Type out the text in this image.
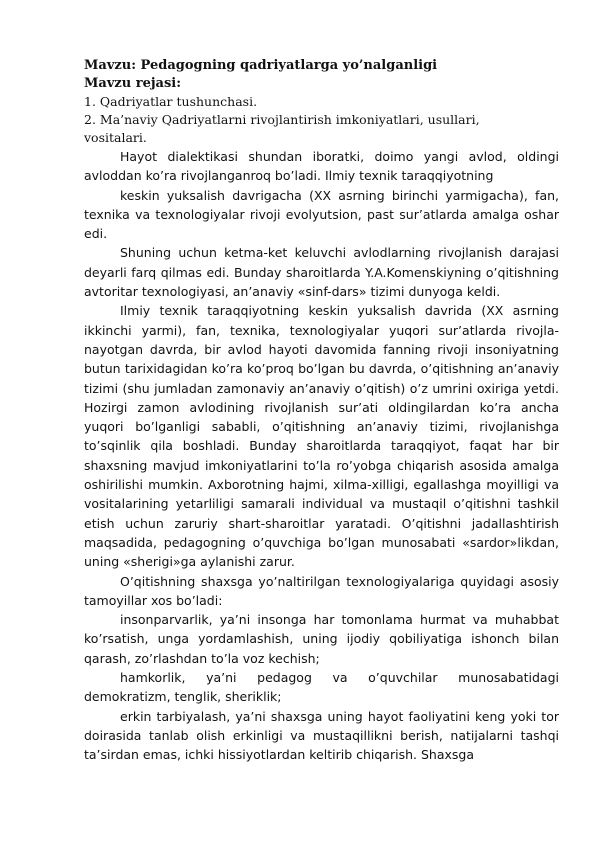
Mavzu: Pedagogning qadriyatlarga yo’nalganligi

Mavzu rejasi:

1. Qadriyatlar tushunchasi.

2. Ma’naviy Qadriyatlarni rivojlantirish imkoniyatlari, usullari,

vositalari.

Hayot dialektikasi shundan iboratki, doimo yangi avlod, oldingi avloddan ko’ra rivojlanganroq bo’ladi. Ilmiy texnik taraqqiyotning

keskin yuksalish davrigacha (XX asrning birinchi yarmigacha), fan, texnika va texnologiyalar rivoji evolyutsion, past sur’atlarda amalga oshar edi.

Shuning uchun ketma-ket keluvchi avlodlarning rivojlanish darajasi deyarli farq qilmas edi. Bunday sharoitlarda Y.A.Komenskiyning o’qitishning avtoritar texnologiyasi, an’anaviy «sinf-dars» tizimi dunyoga keldi.

Ilmiy texnik taraqqiyotning keskin yuksalish davrida (XX asrning ikkinchi yarmi), fan, texnika, texnologiyalar yuqori sur’atlarda rivojla-nayotgan davrda, bir avlod hayoti davomida fanning rivoji insoniyatning butun tarixidagidan ko’ra ko’proq bo’lgan bu davrda, o’qitishning an’anaviy tizimi (shu jumladan zamonaviy an’anaviy o’qitish) o’z umrini oxiriga yetdi. Hozirgi zamon avlodining rivojlanish sur’ati oldingilardan ko’ra ancha yuqori bo’lganligi sababli, o’qitishning an’anaviy tizimi, rivojlanishga to’sqinlik qila boshladi. Bunday sharoitlarda taraqqiyot, faqat har bir shaxsning mavjud imkoniyatlarini to’la ro’yobga chiqarish asosida amalga oshirilishi mumkin. Axborotning hajmi, xilma-xilligi, egallashga moyilligi va vositalarining yetarliligi samarali individual va mustaqil o’qitishni tashkil etish uchun zaruriy shart-sharoitlar yaratadi. O’qitishni jadallashtirish maqsadida, pedagogning o’quvchiga bo’lgan munosabati «sardor»likdan, uning «sherigi»ga aylanishi zarur.

O’qitishning shaxsga yo’naltirilgan texnologiyalariga quyidagi asosiy tamoyillar xos bo’ladi:

insonparvarlik, ya’ni insonga har tomonlama hurmat va muhabbat ko’rsatish, unga yordamlashish, uning ijodiy qobiliyatiga ishonch bilan qarash, zo’rlashdan to’la voz kechish;

hamkorlik, ya’ni pedagog va o’quvchilar munosabatidagi demokratizm, tenglik, sheriklik;

erkin tarbiyalash, ya’ni shaxsga uning hayot faoliyatini keng yoki tor doirasida tanlab olish erkinligi va mustaqillikni berish, natijalarni tashqi ta’sirdan emas, ichki hissiyotlardan keltirib chiqarish. Shaxsga
